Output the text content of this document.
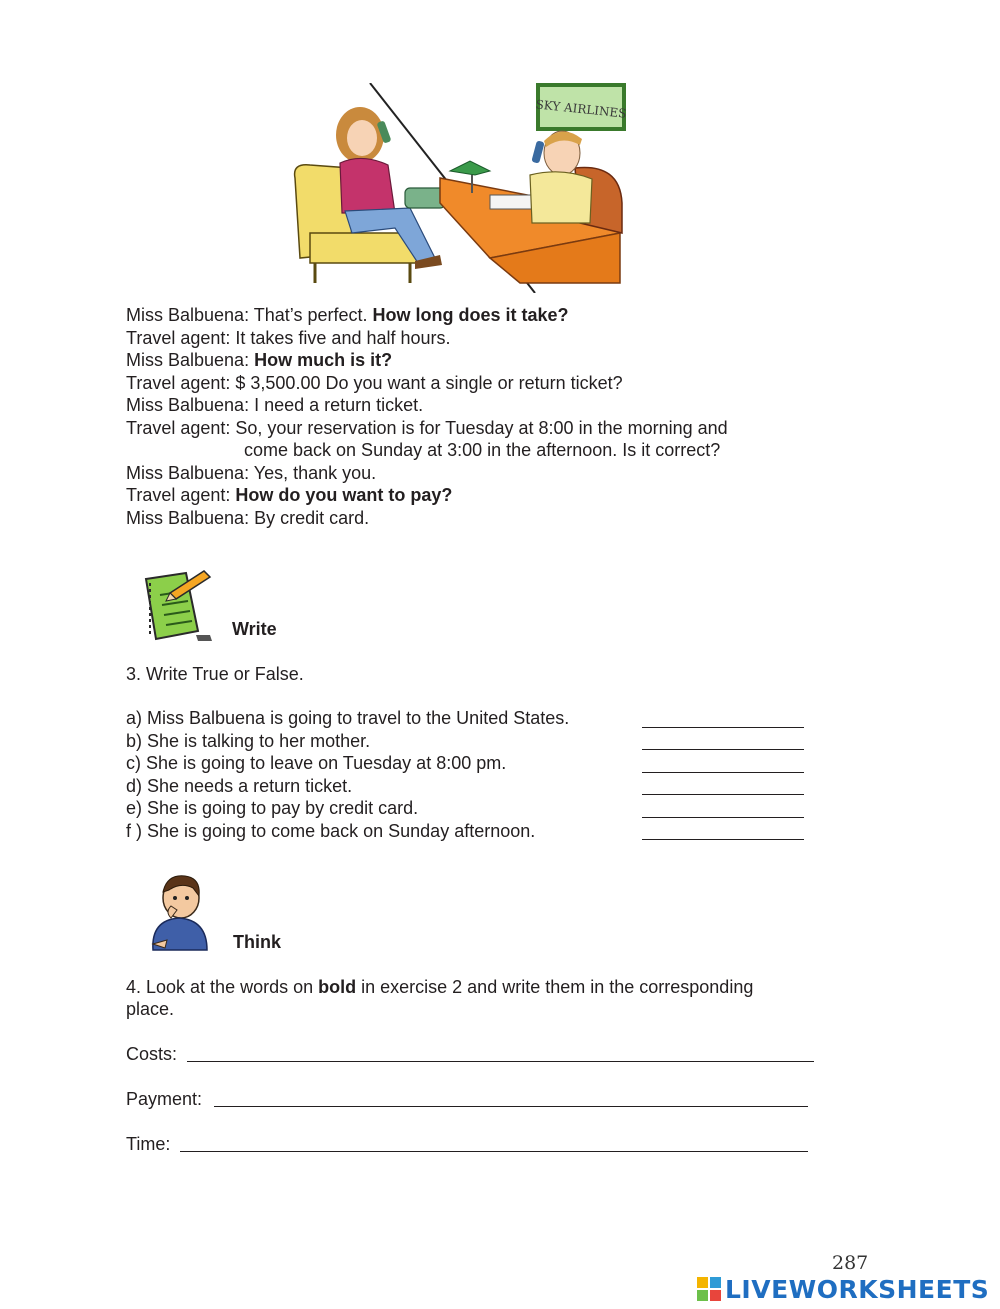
SKY AIRLINES
Miss Balbuena: That’s perfect. How long does it take?
Travel agent: It takes five and half hours.
Miss Balbuena: How much is it?
Travel agent: $ 3,500.00 Do you want a single or return ticket?
Miss Balbuena: I need a return ticket.
Travel agent: So, your reservation is for Tuesday at 8:00 in the morning and
come back on Sunday at 3:00 in the afternoon. Is it correct?
Miss Balbuena: Yes, thank you.
Travel agent: How do you want to pay?
Miss Balbuena: By credit card.
Write
3. Write True or False.
a) Miss Balbuena is going to travel to the United States.
b) She is talking to her mother.
c) She is going to leave on Tuesday at 8:00 pm.
d) She needs a return ticket.
e) She is going to pay by credit card.
f ) She is going to come back on Sunday afternoon.
Think
4. Look at the words on bold in exercise 2 and write them in the corresponding
place.
Costs:
Payment:
Time:
287
LIVEWORKSHEETS
